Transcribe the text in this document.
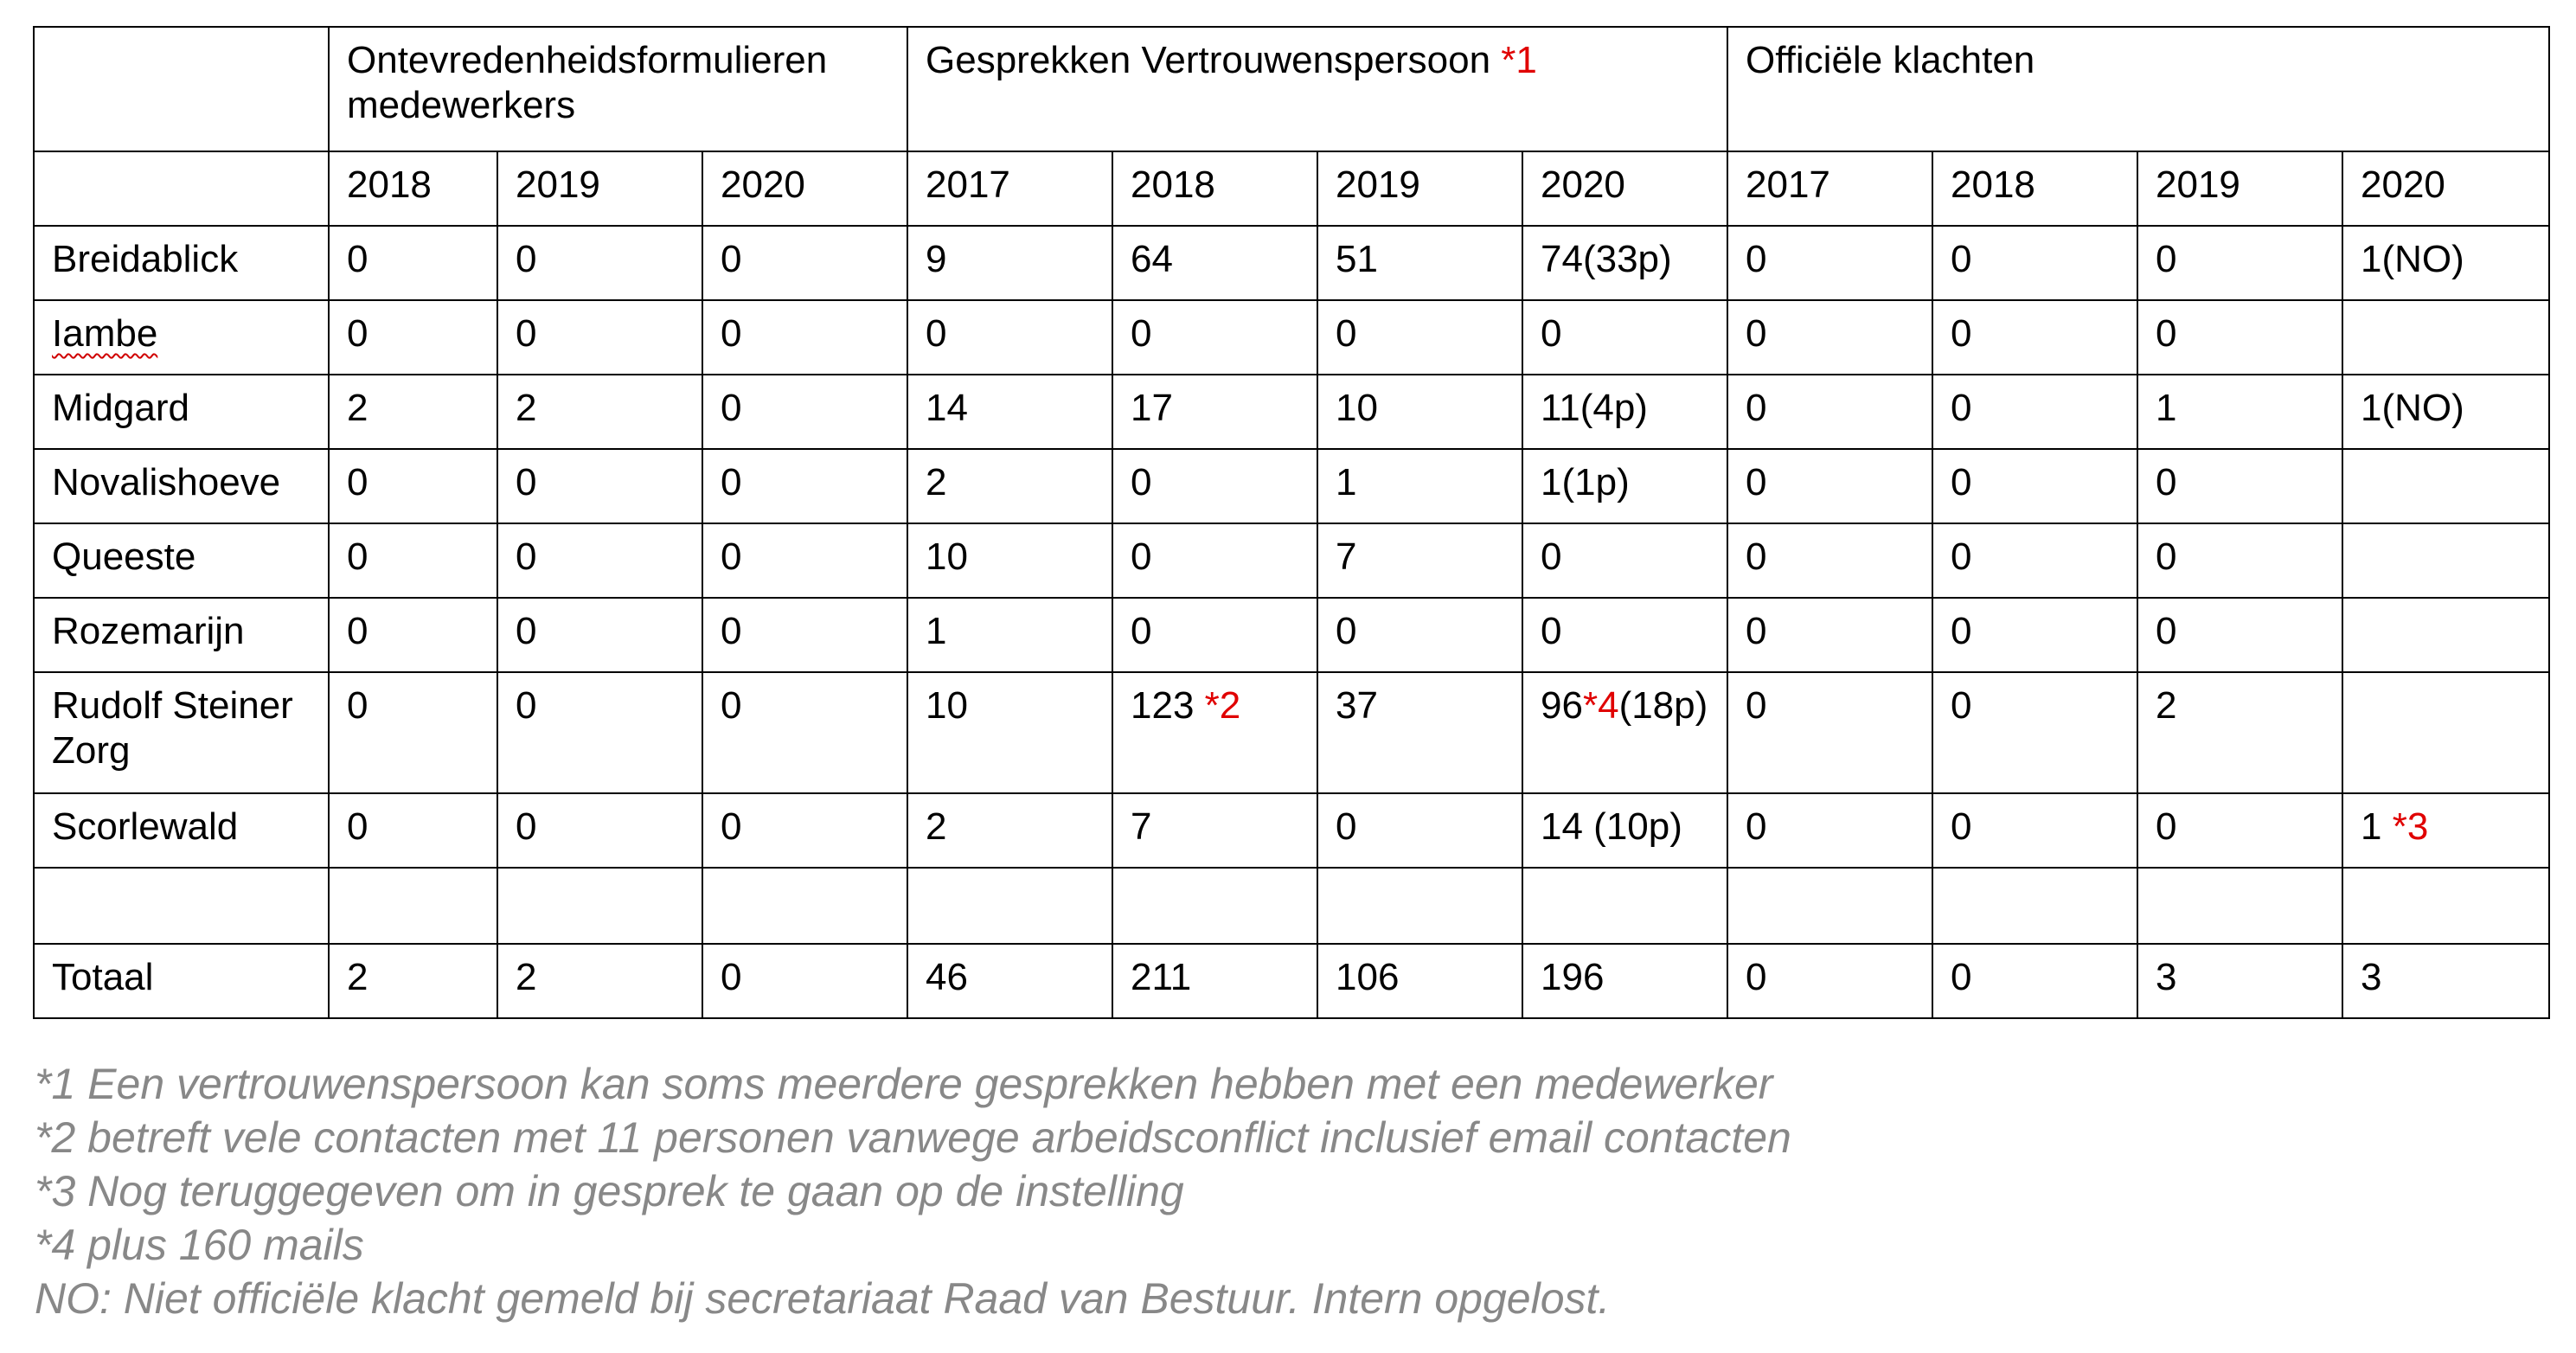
	Ontevredenheidsformulieren medewerkers			Gesprekken Vertrouwenspersoon *1				Officiële klachten			
	2018	2019	2020	2017	2018	2019	2020	2017	2018	2019	2020
Breidablick	0	0	0	9	64	51	74(33p)	0	0	0	1(NO)
Iambe	0	0	0	0	0	0	0	0	0	0	
Midgard	2	2	0	14	17	10	11(4p)	0	0	1	1(NO)
Novalishoeve	0	0	0	2	0	1	1(1p)	0	0	0	
Queeste	0	0	0	10	0	7	0	0	0	0	
Rozemarijn	0	0	0	1	0	0	0	0	0	0	
Rudolf Steiner Zorg	0	0	0	10	123 *2	37	96*4(18p)	0	0	2	
Scorlewald	0	0	0	2	7	0	14 (10p)	0	0	0	1 *3

Totaal	2	2	0	46	211	106	196	0	0	3	3
*1 Een vertrouwenspersoon kan soms meerdere gesprekken hebben met een medewerker
*2 betreft vele contacten met 11 personen vanwege arbeidsconflict inclusief email contacten
*3 Nog teruggegeven om in gesprek te gaan op de instelling
*4 plus 160 mails
NO: Niet officiële klacht gemeld bij secretariaat Raad van Bestuur. Intern opgelost.
